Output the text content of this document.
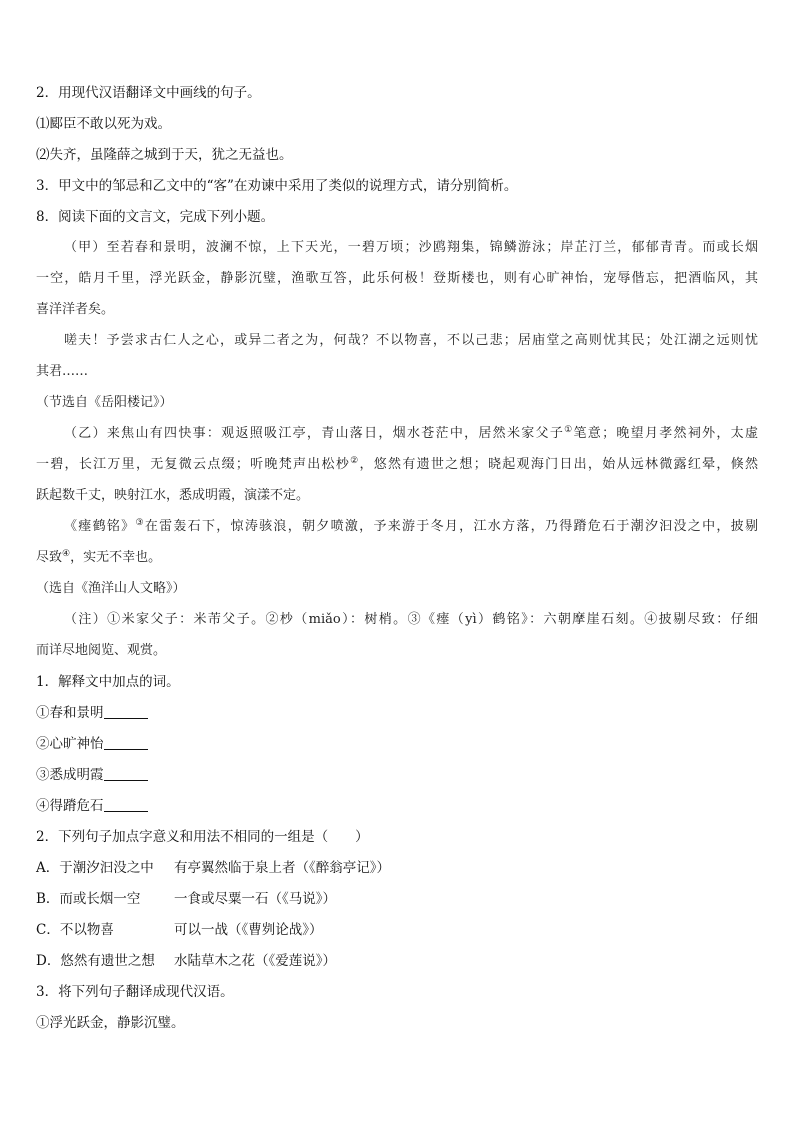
2．用现代汉语翻译文中画线的句子。
⑴郾臣不敢以死为戏。
⑵失齐，虽隆薛之城到于天，犹之无益也。
3．甲文中的邹忌和乙文中的“客”在劝谏中采用了类似的说理方式，请分别简析。
8．阅读下面的文言文，完成下列小题。
（甲）至若春和景明，波澜不惊，上下天光，一碧万顷；沙鸥翔集，锦鳞游泳；岸芷汀兰，郁郁青青。而或长烟
一空，皓月千里，浮光跃金，静影沉璧，渔歌互答，此乐何极！登斯楼也，则有心旷神怡，宠辱偕忘，把酒临风，其
喜洋洋者矣。
嗟夫！予尝求古仁人之心，或异二者之为，何哉？不以物喜，不以己悲；居庙堂之高则忧其民；处江湖之远则忧
其君……
（节选自《岳阳楼记》）
（乙）来焦山有四快事：观返照吸江亭，青山落日，烟水苍茫中，居然米家父子①笔意；晚望月孝然祠外，太虚
一碧，长江万里，无复微云点缀；听晚梵声出松杪②，悠然有遗世之想；晓起观海门日出，始从远林微露红晕，倏然
跃起数千丈，映射江水，悉成明霞，演漾不定。
《瘗鹤铭》③在雷轰石下，惊涛骇浪，朝夕喷激，予来游于冬月，江水方落，乃得蹐危石于潮汐汩没之中，披剔
尽致④，实无不幸也。
（选自《渔洋山人文略》）
（注）①米家父子：米芾父子。②杪（miǎo）：树梢。③《瘗（yì）鹤铭》：六朝摩崖石刻。④披剔尽致：仔细
而详尽地阅览、观赏。
1．解释文中加点的词。
①春和景明
②心旷神怡
③悉成明霞
④得蹐危石
2．下列句子加点字意义和用法不相同的一组是（　　）
A．于潮汐汩没之中 有亭翼然临于泉上者（《醉翁亭记》）
B．而或长烟一空 一食或尽粟一石（《马说》）
C．不以物喜	可以一战（《曹刿论战》）
D．悠然有遗世之想 水陆草木之花（《爱莲说》）
3．将下列句子翻译成现代汉语。
①浮光跃金，静影沉璧。
